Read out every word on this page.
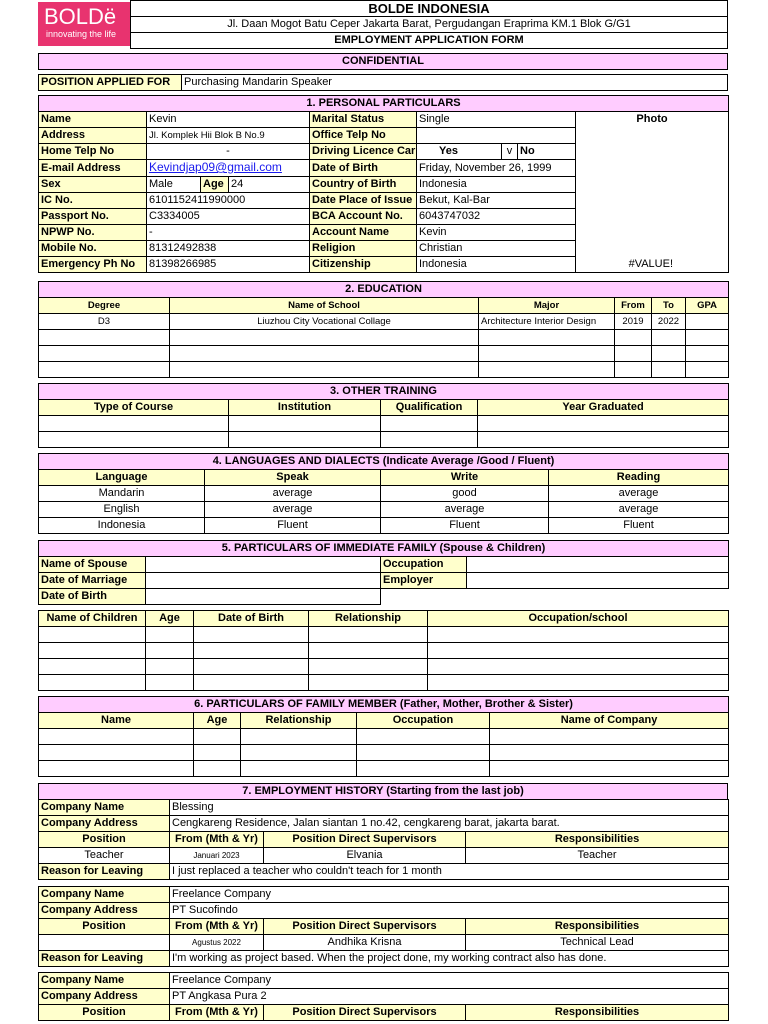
BOLDë
innovating the life
BOLDE INDONESIA
Jl. Daan Mogot Batu Ceper Jakarta Barat, Pergudangan Eraprima KM.1 Blok G/G1
EMPLOYMENT APPLICATION FORM
CONFIDENTIAL
POSITION APPLIED FOR	Purchasing Mandarin Speaker
1. PERSONAL PARTICULARS								
Name	Kevin			Marital Status	Single			Photo
#VALUE!

Address	Jl. Komplek Hii Blok B No.9			Office Telp No				
Home Telp No	-			Driving Licence Car	Yes	v	No	
E-mail Address	Kevindjap09@gmail.com			Date of Birth	Friday, November 26, 1999			
Sex	Male	Age	24	Country of Birth	Indonesia			
IC No.	6101152411990000			Date Place of Issue	Bekut, Kal-Bar			
Passport No.	C3334005			BCA Account No.	6043747032			
NPWP No.	-			Account Name	Kevin			
Mobile No.	81312492838			Religion	Christian			
Emergency Ph No	81398266985			Citizenship	Indonesia			
2. EDUCATION					
Degree	Name of School	Major	From	To	GPA
D3	Liuzhou City Vocational Collage	Architecture Interior Design	2019	2022	

3. OTHER TRAINING			
Type of Course	Institution	Qualification	Year Graduated

4. LANGUAGES AND DIALECTS (Indicate Average /Good / Fluent)			
Language	Speak	Write	Reading
Mandarin	average	good	average
English	average	average	average
Indonesia	Fluent	Fluent	Fluent
5. PARTICULARS OF IMMEDIATE FAMILY (Spouse & Children)			
Name of Spouse		Occupation	
Date of Marriage		Employer	
Date of Birth			
Name of Children	Age	Date of Birth	Relationship	Occupation/school

6. PARTICULARS OF FAMILY MEMBER (Father, Mother, Brother & Sister)				
Name	Age	Relationship	Occupation	Name of Company

7. EMPLOYMENT HISTORY (Starting from the last job)
Company Name	Blessing		
Company Address	Cengkareng Residence, Jalan siantan 1 no.42, cengkareng barat, jakarta barat.		
Position	From (Mth & Yr)	Position Direct Supervisors	Responsibilities
Teacher	Januari 2023	Elvania	Teacher
Reason for Leaving	I just replaced a teacher who couldn't teach for 1 month		
Company Name	Freelance Company		
Company Address	PT Sucofindo		
Position	From (Mth & Yr)	Position Direct Supervisors	Responsibilities
	Agustus 2022	Andhika Krisna	Technical Lead
Reason for Leaving	I'm working as project based. When the project done, my working contract also has done.		
Company Name	Freelance Company		
Company Address	PT Angkasa Pura 2		
Position	From (Mth & Yr)	Position Direct Supervisors	Responsibilities
